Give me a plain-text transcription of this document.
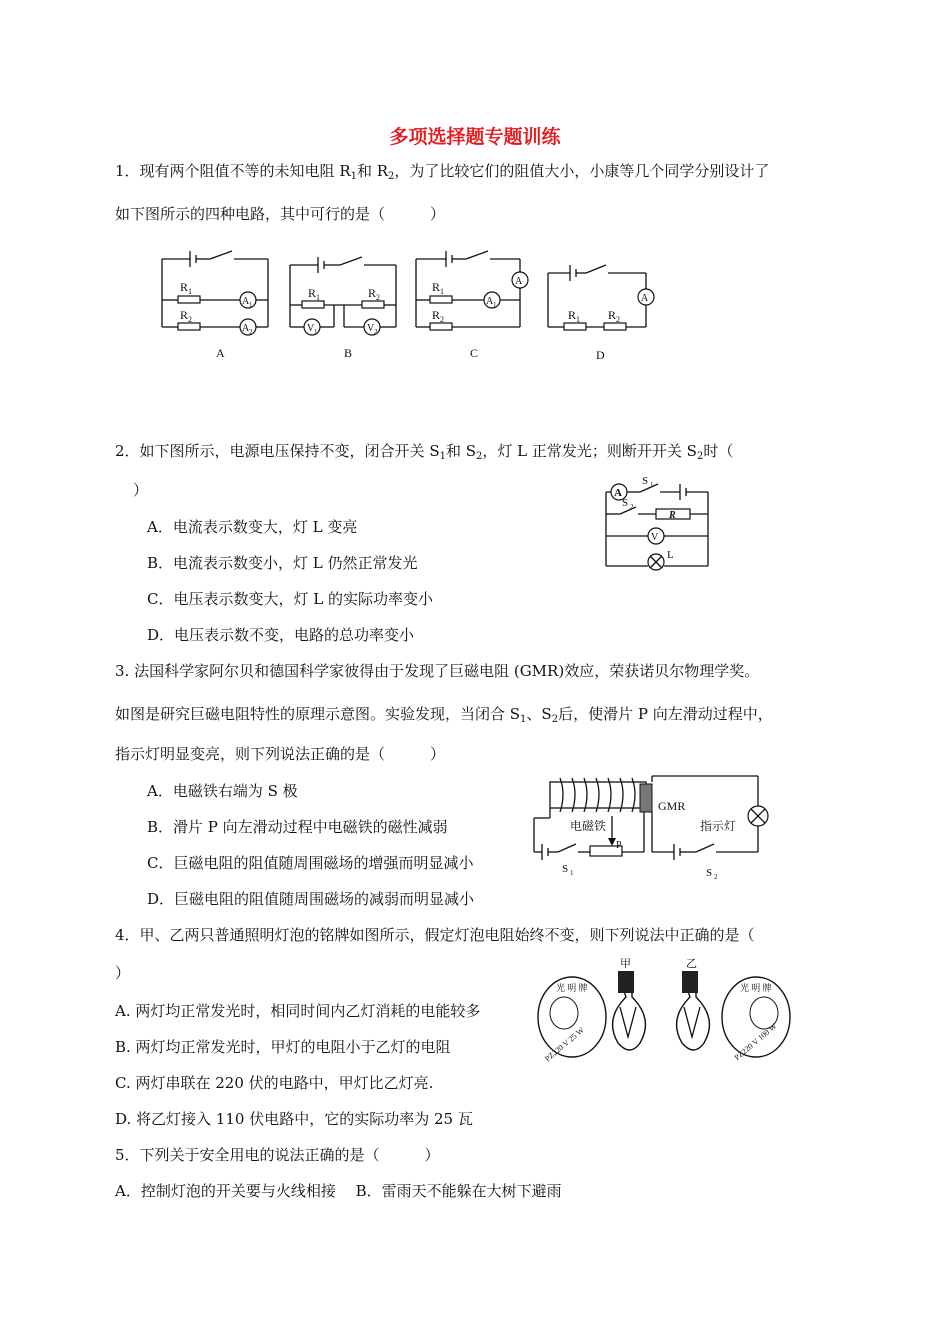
多项选择题专题训练
1．现有两个阻值不等的未知电阻 $R_1$和 $R_2$，为了比较它们的阻值大小，小康等几个同学分别设计了
如下图所示的四种电路，其中可行的是（　　　）
A 1
A 2
R 1
R 2
A
V 1	V 2
R 1	R 2
B
A
A 1
R 1
R 2
C
A
R 1 R 2
D
2．如下图所示，电源电压保持不变，闭合开关 $S_1$和 $S_2$，灯 L 正常发光；则断开开关 $S_2$时（
）
A．电流表示数变大，灯 L 变亮
B．电流表示数变小，灯 L 仍然正常发光
C．电压表示数变大，灯 L 的实际功率变小
D．电压表示数不变，电路的总功率变小
A
S 1
R
S 2
V
L
3. 法国科学家阿尔贝和德国科学家彼得由于发现了巨磁电阻 (GMR)效应，荣获诺贝尔物理学奖。
如图是研究巨磁电阻特性的原理示意图。实验发现，当闭合 $S_1$、$S_2$后，使滑片 P 向左滑动过程中，
指示灯明显变亮，则下列说法正确的是（　　　）
A．电磁铁右端为 S 极
B．滑片 P 向左滑动过程中电磁铁的磁性减弱
C．巨磁电阻的阻值随周围磁场的增强而明显减小
D．巨磁电阻的阻值随周围磁场的减弱而明显减小
P
电磁铁
S 1
GMR
指示灯
S 2
4．甲、乙两只普通照明灯泡的铭牌如图所示，假定灯泡电阻始终不变，则下列说法中正确的是（
）
A. 两灯均正常发光时，相同时间内乙灯消耗的电能较多
B. 两灯均正常发光时，甲灯的电阻小于乙灯的电阻
C. 两灯串联在 220 伏的电路中，甲灯比乙灯亮.
D. 将乙灯接入 110 伏电路中，它的实际功率为 25 瓦
光 明 牌
PZ220 V 25 W
甲	乙
光 明 牌
PZ220 V 100 W
5．下列关于安全用电的说法正确的是（　　　）
A．控制灯泡的开关要与火线相接　 B．雷雨天不能躲在大树下避雨
